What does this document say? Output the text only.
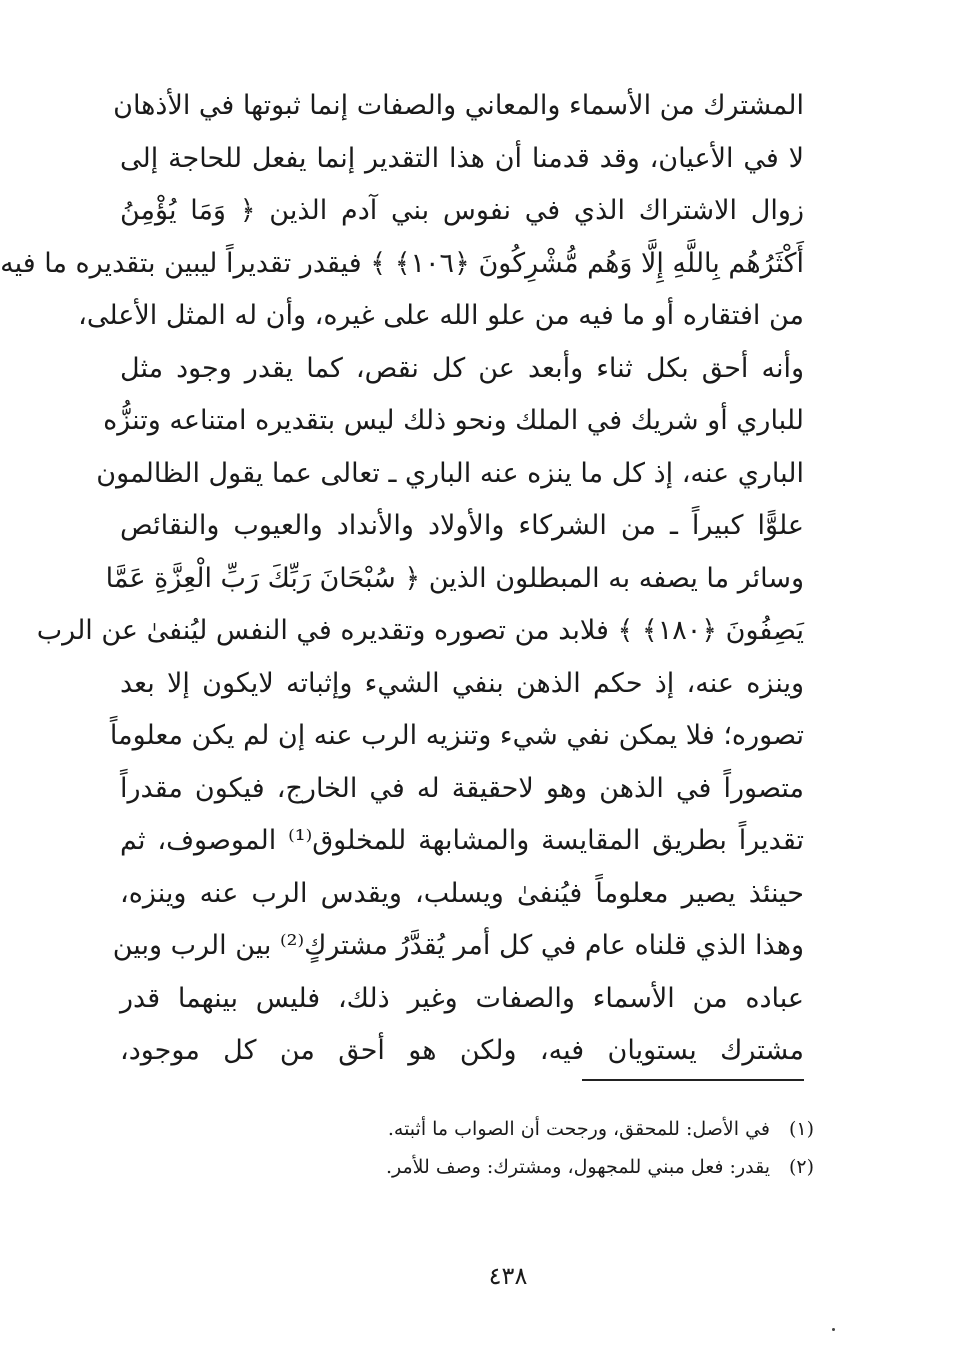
المشترك من الأسماء والمعاني والصفات إنما ثبوتها في الأذهان
لا في الأعيان، وقد قدمنا أن هذا التقدير إنما يفعل للحاجة إلى
زوال الاشتراك الذي في نفوس بني آدم الذين ﴿ وَمَا يُؤْمِنُ
أَكْثَرُهُم بِاللَّهِ إِلَّا وَهُم مُّشْرِكُونَ ﴿١٠٦﴾ ﴾ فيقدر تقديراً ليبين بتقديره ما فيه
من افتقاره أو ما فيه من علو الله على غيره، وأن له المثل الأعلى،
وأنه أحق بكل ثناء وأبعد عن كل نقص، كما يقدر وجود مثل
للباري أو شريك في الملك ونحو ذلك ليس بتقديره امتناعه وتنزُّه
الباري عنه، إذ كل ما ينزه عنه الباري ـ تعالى عما يقول الظالمون
علوًّا كبيراً ـ من الشركاء والأولاد والأنداد والعيوب والنقائص
وسائر ما يصفه به المبطلون الذين ﴿ سُبْحَانَ رَبِّكَ رَبِّ الْعِزَّةِ عَمَّا
يَصِفُونَ ﴿١٨٠﴾ ﴾ فلابد من تصوره وتقديره في النفس ليُنفىٰ عن الرب
وينزه عنه، إذ حكم الذهن بنفي الشيء وإثباته لايكون إلا بعد
تصوره؛ فلا يمكن نفي شيء وتنزيه الرب عنه إن لم يكن معلوماً
متصوراً في الذهن وهو لاحقيقة له في الخارج، فيكون مقدراً
تقديراً بطريق المقايسة والمشابهة للمخلوق⁽¹⁾ الموصوف، ثم
حينئذ يصير معلوماً فيُنفىٰ ويسلب، ويقدس الرب عنه وينزه،
وهذا الذي قلناه عام في كل أمر يُقدَّرُ مشتركٍ⁽²⁾ بين الرب وبين
عباده من الأسماء والصفات وغير ذلك، فليس بينهما قدر
مشترك يستويان فيه، ولكن هو أحق من كل موجود،
(١)في الأصل: للمحقق، ورجحت أن الصواب ما أثبته.
(٢)يقدر: فعل مبني للمجهول، ومشترك: وصف للأمر.
٤٣٨
